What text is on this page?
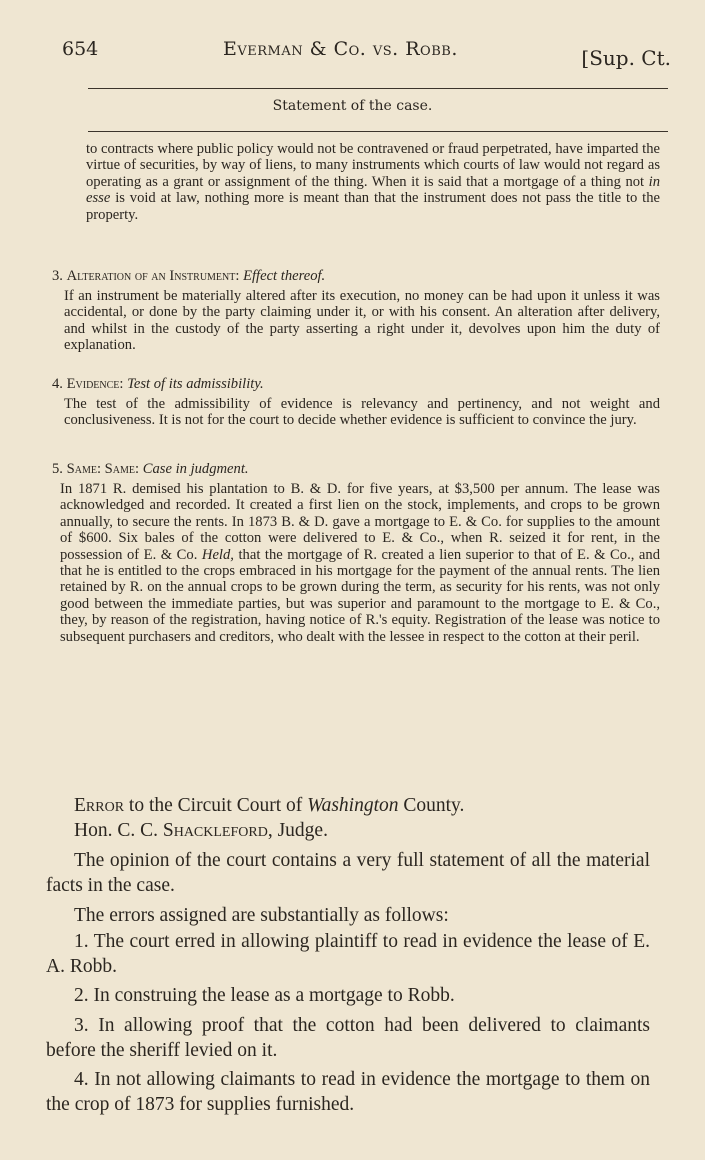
654	Everman & Co. vs. Robb.	[Sup. Ct.
Statement of the case.

to contracts where public policy would not be contravened or fraud perpetrated, have imparted the virtue of securities, by way of liens, to many instruments which courts of law would not regard as operating as a grant or assignment of the thing. When it is said that a mortgage of a thing not in esse is void at law, nothing more is meant than that the instrument does not pass the title to the property.

3. Alteration of an Instrument: Effect thereof.

If an instrument be materially altered after its execution, no money can be had upon it unless it was accidental, or done by the party claiming under it, or with his consent. An alteration after delivery, and whilst in the custody of the party asserting a right under it, devolves upon him the duty of explanation.

4. Evidence: Test of its admissibility.

The test of the admissibility of evidence is relevancy and pertinency, and not weight and conclusiveness. It is not for the court to decide whether evidence is sufficient to convince the jury.

5. Same: Same: Case in judgment.

In 1871 R. demised his plantation to B. & D. for five years, at $3,500 per annum. The lease was acknowledged and recorded. It created a first lien on the stock, implements, and crops to be grown annually, to secure the rents. In 1873 B. & D. gave a mortgage to E. & Co. for supplies to the amount of $600. Six bales of the cotton were delivered to E. & Co., when R. seized it for rent, in the possession of E. & Co. Held, that the mortgage of R. created a lien superior to that of E. & Co., and that he is entitled to the crops embraced in his mortgage for the payment of the annual rents. The lien retained by R. on the annual crops to be grown during the term, as security for his rents, was not only good between the immediate parties, but was superior and paramount to the mortgage to E. & Co., they, by reason of the registration, having notice of R.'s equity. Registration of the lease was notice to subsequent purchasers and creditors, who dealt with the lessee in respect to the cotton at their peril.

Error to the Circuit Court of Washington County.

Hon. C. C. Shackleford, Judge.

The opinion of the court contains a very full statement of all the material facts in the case.

The errors assigned are substantially as follows:

1. The court erred in allowing plaintiff to read in evidence the lease of E. A. Robb.

2. In construing the lease as a mortgage to Robb.

3. In allowing proof that the cotton had been delivered to claimants before the sheriff levied on it.

4. In not allowing claimants to read in evidence the mortgage to them on the crop of 1873 for supplies furnished.
